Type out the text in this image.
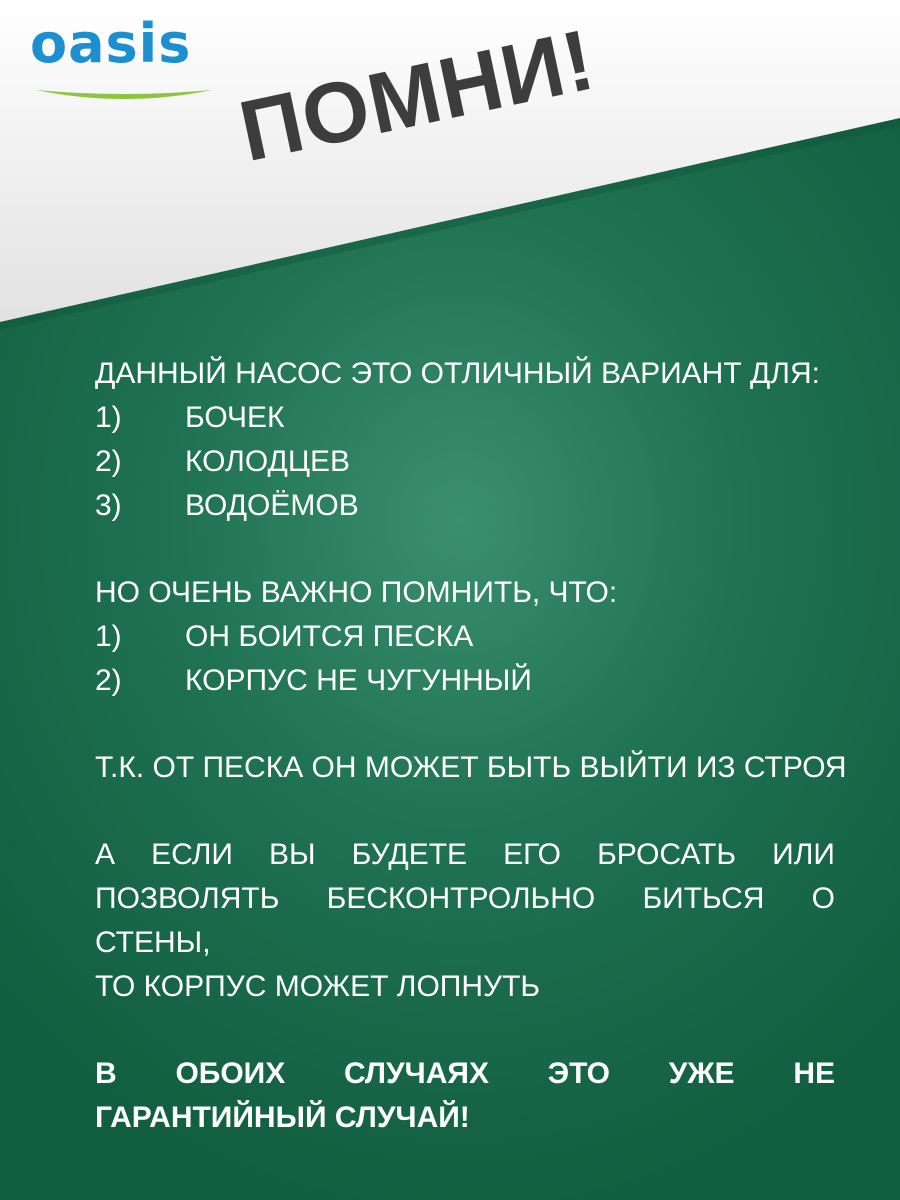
oasis ПОМНИ!
ДАННЫЙ НАСОС ЭТО ОТЛИЧНЫЙ ВАРИАНТ ДЛЯ:
1)	БОЧЕК
2)	КОЛОДЦЕВ
3)	ВОДОЁМОВ
НО ОЧЕНЬ ВАЖНО ПОМНИТЬ, ЧТО:
1)	ОН БОИТСЯ ПЕСКА
2)	КОРПУС НЕ ЧУГУННЫЙ
Т.К. ОТ ПЕСКА ОН МОЖЕТ БЫТЬ ВЫЙТИ ИЗ СТРОЯ
А ЕСЛИ ВЫ БУДЕТЕ ЕГО БРОСАТЬ ИЛИ
ПОЗВОЛЯТЬ БЕСКОНТРОЛЬНО БИТЬСЯ О СТЕНЫ,
ТО КОРПУС МОЖЕТ ЛОПНУТЬ
В ОБОИХ СЛУЧАЯХ ЭТО УЖЕ НЕ
ГАРАНТИЙНЫЙ СЛУЧАЙ!
